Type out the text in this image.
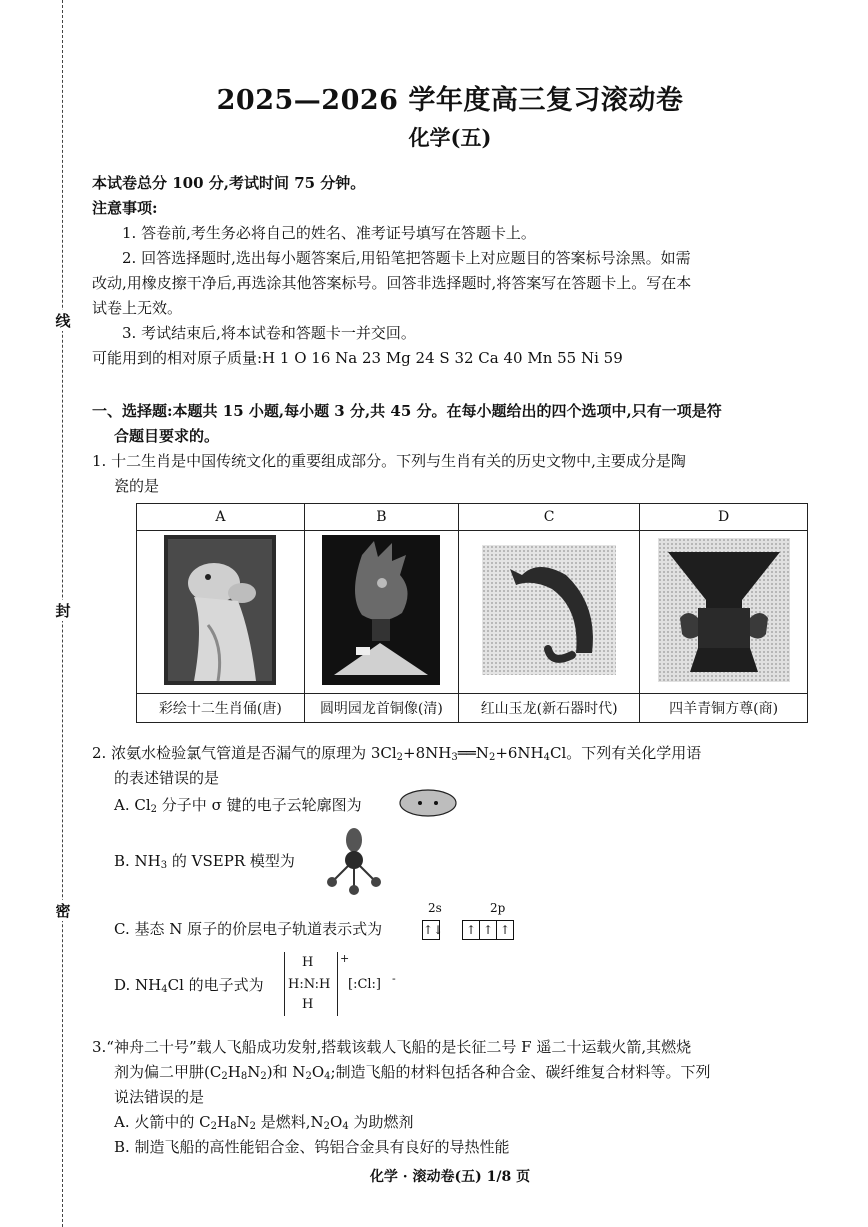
线
封
密
2025—2026 学年度高三复习滚动卷
化学(五)
本试卷总分 100 分,考试时间 75 分钟。
注意事项:
1. 答卷前,考生务必将自己的姓名、准考证号填写在答题卡上。
2. 回答选择题时,选出每小题答案后,用铅笔把答题卡上对应题目的答案标号涂黑。如需
改动,用橡皮擦干净后,再选涂其他答案标号。回答非选择题时,将答案写在答题卡上。写在本
试卷上无效。
3. 考试结束后,将本试卷和答题卡一并交回。
可能用到的相对原子质量:H 1 O 16 Na 23 Mg 24 S 32 Ca 40 Mn 55 Ni 59
一、选择题:本题共 15 小题,每小题 3 分,共 45 分。在每小题给出的四个选项中,只有一项是符
合题目要求的。
1. 十二生肖是中国传统文化的重要组成部分。下列与生肖有关的历史文物中,主要成分是陶
瓷的是
A	B	C	D

彩绘十二生肖俑(唐)	圆明园龙首铜像(清)	红山玉龙(新石器时代)	四羊青铜方尊(商)
2. 浓氨水检验氯气管道是否漏气的原理为 $3Cl_2+8NH_3══N_2+6NH_4Cl$。下列有关化学用语
的表述错误的是
A. $Cl_2$ 分子中 σ 键的电子云轮廓图为
B. $NH_3$ 的 VSEPR 模型为
C. 基态 N 原子的价层电子轨道表示式为
2s	2p
↑↓	↑ ↑ ↑
D. $NH_4Cl$ 的电子式为
H
H:N:H
H
+
[:Cl:] -
3.“神舟二十号”载人飞船成功发射,搭载该载人飞船的是长征二号 F 遥二十运载火箭,其燃烧
剂为偏二甲肼$(C_2H_8N_2)$和 $N_2O_4$;制造飞船的材料包括各种合金、碳纤维复合材料等。下列
说法错误的是
A. 火箭中的 $C_2H_8N_2$ 是燃料$,N_2O_4$ 为助燃剂
B. 制造飞船的高性能铝合金、钨铝合金具有良好的导热性能
化学 · 滚动卷(五) 1/8 页
